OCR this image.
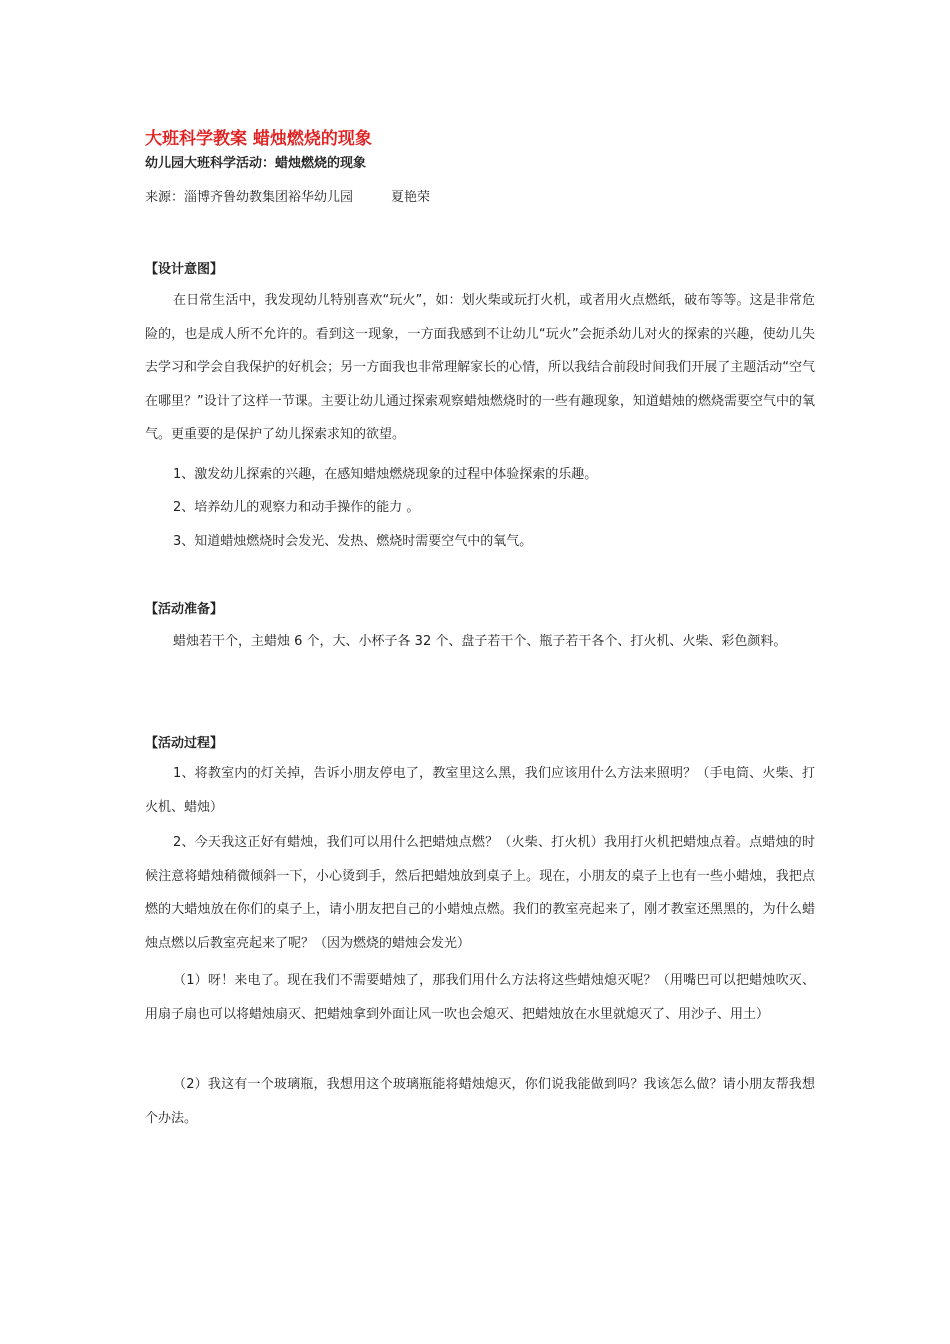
大班科学教案 蜡烛燃烧的现象

幼儿园大班科学活动：蜡烛燃烧的现象

来源：淄博齐鲁幼教集团裕华幼儿园	夏艳荣

【设计意图】

在日常生活中，我发现幼儿特别喜欢“玩火”，如：划火柴或玩打火机，或者用火点燃纸，破布等等。这是非常危险的，也是成人所不允许的。看到这一现象，一方面我感到不让幼儿“玩火”会扼杀幼儿对火的探索的兴趣，使幼儿失去学习和学会自我保护的好机会；另一方面我也非常理解家长的心情，所以我结合前段时间我们开展了主题活动“空气在哪里？”设计了这样一节课。主要让幼儿通过探索观察蜡烛燃烧时的一些有趣现象，知道蜡烛的燃烧需要空气中的氧气。更重要的是保护了幼儿探索求知的欲望。

1、激发幼儿探索的兴趣，在感知蜡烛燃烧现象的过程中体验探索的乐趣。

2、培养幼儿的观察力和动手操作的能力 。

3、知道蜡烛燃烧时会发光、发热、燃烧时需要空气中的氧气。

【活动准备】

蜡烛若干个，主蜡烛 6 个，大、小杯子各 32 个、盘子若干个、瓶子若干各个、打火机、火柴、彩色颜料。

【活动过程】

1、将教室内的灯关掉，告诉小朋友停电了，教室里这么黑，我们应该用什么方法来照明？（手电筒、火柴、打火机、蜡烛）

2、今天我这正好有蜡烛，我们可以用什么把蜡烛点燃？（火柴、打火机）我用打火机把蜡烛点着。点蜡烛的时候注意将蜡烛稍微倾斜一下，小心烫到手，然后把蜡烛放到桌子上。现在，小朋友的桌子上也有一些小蜡烛，我把点燃的大蜡烛放在你们的桌子上，请小朋友把自己的小蜡烛点燃。我们的教室亮起来了，刚才教室还黑黑的，为什么蜡烛点燃以后教室亮起来了呢？（因为燃烧的蜡烛会发光）

（1）呀！来电了。现在我们不需要蜡烛了，那我们用什么方法将这些蜡烛熄灭呢？（用嘴巴可以把蜡烛吹灭、用扇子扇也可以将蜡烛扇灭、把蜡烛拿到外面让风一吹也会熄灭、把蜡烛放在水里就熄灭了、用沙子、用土）

（2）我这有一个玻璃瓶，我想用这个玻璃瓶能将蜡烛熄灭，你们说我能做到吗？我该怎么做？请小朋友帮我想个办法。
